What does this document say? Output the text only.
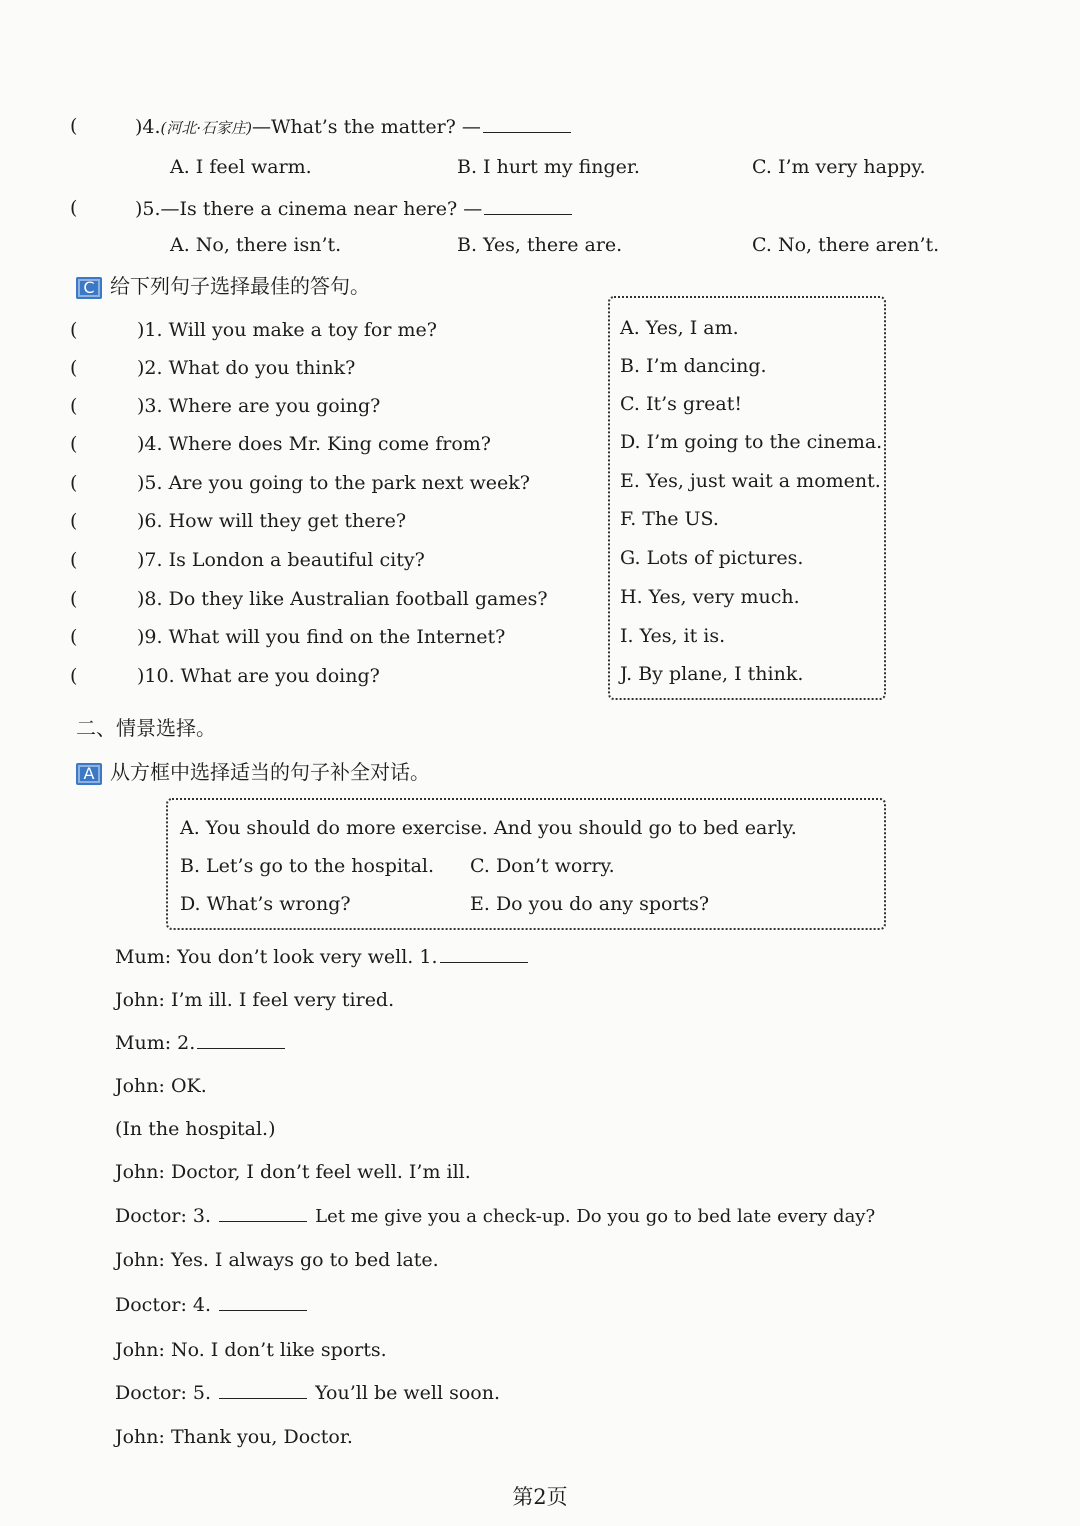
(	)4.(河北·石家庄)—What’s the matter? —
A. I feel warm.	B. I hurt my finger.	C. I’m very happy.
(	)5.—Is there a cinema near here? —
A. No, there isn’t.	B. Yes, there are.	C. No, there aren’t.
C 给下列句子选择最佳的答句。
(	)1. Will you make a toy for me?
(	)2. What do you think?
(	)3. Where are you going?
(	)4. Where does Mr. King come from?
(	)5. Are you going to the park next week?
(	)6. How will they get there?
(	)7. Is London a beautiful city?
(	)8. Do they like Australian football games?
(	)9. What will you find on the Internet?
(	)10. What are you doing?
A. Yes, I am.
B. I’m dancing.
C. It’s great!
D. I’m going to the cinema.
E. Yes, just wait a moment.
F. The US.
G. Lots of pictures.
H. Yes, very much.
I. Yes, it is.
J. By plane, I think.
二、情景选择。
A 从方框中选择适当的句子补全对话。
A. You should do more exercise. And you should go to bed early.
B. Let’s go to the hospital. C. Don’t worry.
D. What’s wrong?	E. Do you do any sports?
Mum: You don’t look very well. 1.
John: I’m ill. I feel very tired.
Mum: 2.
John: OK.
(In the hospital.)
John: Doctor, I don’t feel well. I’m ill.
Doctor: 3.	Let me give you a check-up. Do you go to bed late every day?
John: Yes. I always go to bed late.
Doctor: 4.
John: No. I don’t like sports.
Doctor: 5.	You’ll be well soon.
John: Thank you, Doctor.
第2页
